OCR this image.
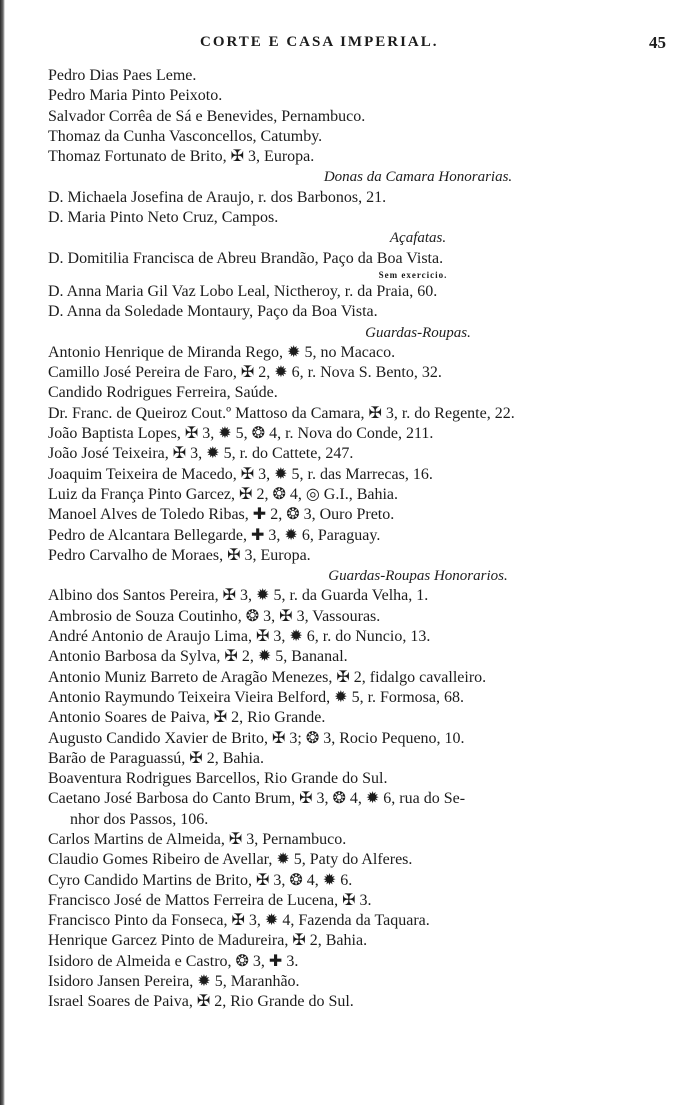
CORTE E CASA IMPERIAL.	45
Pedro Dias Paes Leme.
Pedro Maria Pinto Peixoto.
Salvador Corrêa de Sá e Benevides, Pernambuco.
Thomaz da Cunha Vasconcellos, Catumby.
Thomaz Fortunato de Brito, ✠ 3, Europa.
Donas da Camara Honorarias.
D. Michaela Josefina de Araujo, r. dos Barbonos, 21.
D. Maria Pinto Neto Cruz, Campos.
Açafatas.
D. Domitilia Francisca de Abreu Brandão, Paço da Boa Vista.
Sem exercicio.
D. Anna Maria Gil Vaz Lobo Leal, Nictheroy, r. da Praia, 60.
D. Anna da Soledade Montaury, Paço da Boa Vista.
Guardas-Roupas.
Antonio Henrique de Miranda Rego, ✹ 5, no Macaco.
Camillo José Pereira de Faro, ✠ 2, ✹ 6, r. Nova S. Bento, 32.
Candido Rodrigues Ferreira, Saúde.
Dr. Franc. de Queiroz Cout.º Mattoso da Camara, ✠ 3, r. do Regente, 22.
João Baptista Lopes, ✠ 3, ✹ 5, ❂ 4, r. Nova do Conde, 211.
João José Teixeira, ✠ 3, ✹ 5, r. do Cattete, 247.
Joaquim Teixeira de Macedo, ✠ 3, ✹ 5, r. das Marrecas, 16.
Luiz da França Pinto Garcez, ✠ 2, ❂ 4, ◎ G.I., Bahia.
Manoel Alves de Toledo Ribas, ✚ 2, ❂ 3, Ouro Preto.
Pedro de Alcantara Bellegarde, ✚ 3, ✹ 6, Paraguay.
Pedro Carvalho de Moraes, ✠ 3, Europa.
Guardas-Roupas Honorarios.
Albino dos Santos Pereira, ✠ 3, ✹ 5, r. da Guarda Velha, 1.
Ambrosio de Souza Coutinho, ❂ 3, ✠ 3, Vassouras.
André Antonio de Araujo Lima, ✠ 3, ✹ 6, r. do Nuncio, 13.
Antonio Barbosa da Sylva, ✠ 2, ✹ 5, Bananal.
Antonio Muniz Barreto de Aragão Menezes, ✠ 2, fidalgo cavalleiro.
Antonio Raymundo Teixeira Vieira Belford, ✹ 5, r. Formosa, 68.
Antonio Soares de Paiva, ✠ 2, Rio Grande.
Augusto Candido Xavier de Brito, ✠ 3; ❂ 3, Rocio Pequeno, 10.
Barão de Paraguassú, ✠ 2, Bahia.
Boaventura Rodrigues Barcellos, Rio Grande do Sul.
Caetano José Barbosa do Canto Brum, ✠ 3, ❂ 4, ✹ 6, rua do Se-
nhor dos Passos, 106.
Carlos Martins de Almeida, ✠ 3, Pernambuco.
Claudio Gomes Ribeiro de Avellar, ✹ 5, Paty do Alferes.
Cyro Candido Martins de Brito, ✠ 3, ❂ 4, ✹ 6.
Francisco José de Mattos Ferreira de Lucena, ✠ 3.
Francisco Pinto da Fonseca, ✠ 3, ✹ 4, Fazenda da Taquara.
Henrique Garcez Pinto de Madureira, ✠ 2, Bahia.
Isidoro de Almeida e Castro, ❂ 3, ✚ 3.
Isidoro Jansen Pereira, ✹ 5, Maranhão.
Israel Soares de Paiva, ✠ 2, Rio Grande do Sul.
